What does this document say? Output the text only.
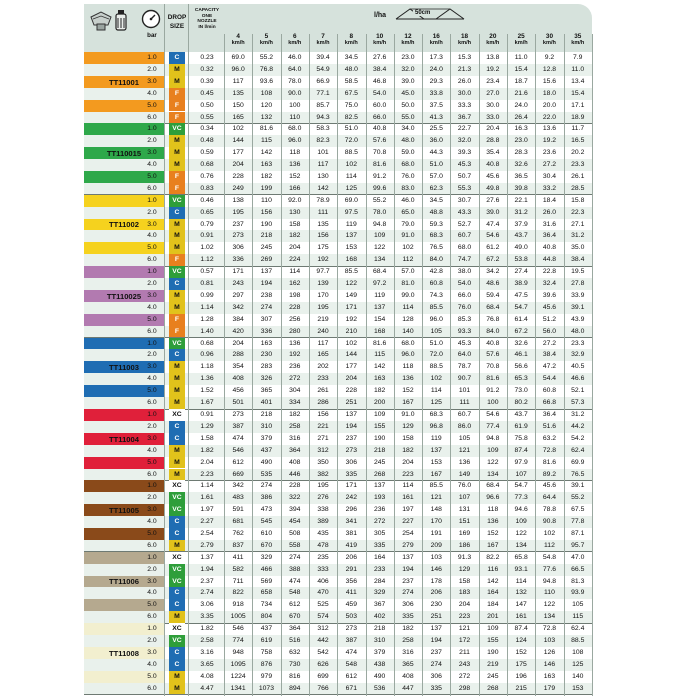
bar
DROP
SIZE
CAPACITY
ONE
NOZZLE
IN l/min
l/ha	50cm
4
km/h
5
km/h
6
km/h
7
km/h
8
km/h
10
km/h
12
km/h
16
km/h
18
km/h
20
km/h
25
km/h
30
km/h
35
km/h
TT11001
1.0	C	0.23	69.0	55.2	46.0	39.4	34.5	27.6	23.0	17.3	15.3	13.8	11.0	9.2	7.9
2.0	M	0.32	96.0	76.8	64.0	54.9	48.0	38.4	32.0	24.0	21.3	19.2	15.4	12.8	11.0
3.0	M	0.39	117	93.6	78.0	66.9	58.5	46.8	39.0	29.3	26.0	23.4	18.7	15.6	13.4
4.0	F	0.45	135	108	90.0	77.1	67.5	54.0	45.0	33.8	30.0	27.0	21.6	18.0	15.4
5.0	F	0.50	150	120	100	85.7	75.0	60.0	50.0	37.5	33.3	30.0	24.0	20.0	17.1
6.0	F	0.55	165	132	110	94.3	82.5	66.0	55.0	41.3	36.7	33.0	26.4	22.0	18.9
TT110015
1.0	VC	0.34	102	81.6	68.0	58.3	51.0	40.8	34.0	25.5	22.7	20.4	16.3	13.6	11.7
2.0	M	0.48	144	115	96.0	82.3	72.0	57.6	48.0	36.0	32.0	28.8	23.0	19.2	16.5
3.0	M	0.59	177	142	118	101	88.5	70.8	59.0	44.3	39.3	35.4	28.3	23.6	20.2
4.0	M	0.68	204	163	136	117	102	81.6	68.0	51.0	45.3	40.8	32.6	27.2	23.3
5.0	F	0.76	228	182	152	130	114	91.2	76.0	57.0	50.7	45.6	36.5	30.4	26.1
6.0	F	0.83	249	199	166	142	125	99.6	83.0	62.3	55.3	49.8	39.8	33.2	28.5
TT11002
1.0	VC	0.46	138	110	92.0	78.9	69.0	55.2	46.0	34.5	30.7	27.6	22.1	18.4	15.8
2.0	C	0.65	195	156	130	111	97.5	78.0	65.0	48.8	43.3	39.0	31.2	26.0	22.3
3.0	M	0.79	237	190	158	135	119	94.8	79.0	59.3	52.7	47.4	37.9	31.6	27.1
4.0	M	0.91	273	218	182	156	137	109	91.0	68.3	60.7	54.6	43.7	36.4	31.2
5.0	M	1.02	306	245	204	175	153	122	102	76.5	68.0	61.2	49.0	40.8	35.0
6.0	F	1.12	336	269	224	192	168	134	112	84.0	74.7	67.2	53.8	44.8	38.4
TT110025
1.0	VC	0.57	171	137	114	97.7	85.5	68.4	57.0	42.8	38.0	34.2	27.4	22.8	19.5
2.0	C	0.81	243	194	162	139	122	97.2	81.0	60.8	54.0	48.6	38.9	32.4	27.8
3.0	M	0.99	297	238	198	170	149	119	99.0	74.3	66.0	59.4	47.5	39.6	33.9
4.0	M	1.14	342	274	228	195	171	137	114	85.5	76.0	68.4	54.7	45.6	39.1
5.0	F	1.28	384	307	256	219	192	154	128	96.0	85.3	76.8	61.4	51.2	43.9
6.0	F	1.40	420	336	280	240	210	168	140	105	93.3	84.0	67.2	56.0	48.0
TT11003
1.0	VC	0.68	204	163	136	117	102	81.6	68.0	51.0	45.3	40.8	32.6	27.2	23.3
2.0	C	0.96	288	230	192	165	144	115	96.0	72.0	64.0	57.6	46.1	38.4	32.9
3.0	M	1.18	354	283	236	202	177	142	118	88.5	78.7	70.8	56.6	47.2	40.5
4.0	M	1.36	408	326	272	233	204	163	136	102	90.7	81.6	65.3	54.4	46.6
5.0	M	1.52	456	365	304	261	228	182	152	114	101	91.2	73.0	60.8	52.1
6.0	M	1.67	501	401	334	286	251	200	167	125	111	100	80.2	66.8	57.3
TT11004
1.0	XC	0.91	273	218	182	156	137	109	91.0	68.3	60.7	54.6	43.7	36.4	31.2
2.0	C	1.29	387	310	258	221	194	155	129	96.8	86.0	77.4	61.9	51.6	44.2
3.0	C	1.58	474	379	316	271	237	190	158	119	105	94.8	75.8	63.2	54.2
4.0	M	1.82	546	437	364	312	273	218	182	137	121	109	87.4	72.8	62.4
5.0	M	2.04	612	490	408	350	306	245	204	153	136	122	97.9	81.6	69.9
6.0	M	2.23	669	535	446	382	335	268	223	167	149	134	107	89.2	76.5
TT11005
1.0	XC	1.14	342	274	228	195	171	137	114	85.5	76.0	68.4	54.7	45.6	39.1
2.0	VC	1.61	483	386	322	276	242	193	161	121	107	96.6	77.3	64.4	55.2
3.0	VC	1.97	591	473	394	338	296	236	197	148	131	118	94.6	78.8	67.5
4.0	C	2.27	681	545	454	389	341	272	227	170	151	136	109	90.8	77.8
5.0	C	2.54	762	610	508	435	381	305	254	191	169	152	122	102	87.1
6.0	M	2.79	837	670	558	478	419	335	279	209	186	167	134	112	95.7
TT11006
1.0	XC	1.37	411	329	274	235	206	164	137	103	91.3	82.2	65.8	54.8	47.0
2.0	VC	1.94	582	466	388	333	291	233	194	146	129	116	93.1	77.6	66.5
3.0	VC	2.37	711	569	474	406	356	284	237	178	158	142	114	94.8	81.3
4.0	C	2.74	822	658	548	470	411	329	274	206	183	164	132	110	93.9
5.0	C	3.06	918	734	612	525	459	367	306	230	204	184	147	122	105
6.0	M	3.35	1005	804	670	574	503	402	335	251	223	201	161	134	115
TT11008
1.0	XC	1.82	546	437	364	312	273	218	182	137	121	109	87.4	72.8	62.4
2.0	VC	2.58	774	619	516	442	387	310	258	194	172	155	124	103	88.5
3.0	C	3.16	948	758	632	542	474	379	316	237	211	190	152	126	108
4.0	C	3.65	1095	876	730	626	548	438	365	274	243	219	175	146	125
5.0	M	4.08	1224	979	816	699	612	490	408	306	272	245	196	163	140
6.0	M	4.47	1341	1073	894	766	671	536	447	335	298	268	215	179	153
